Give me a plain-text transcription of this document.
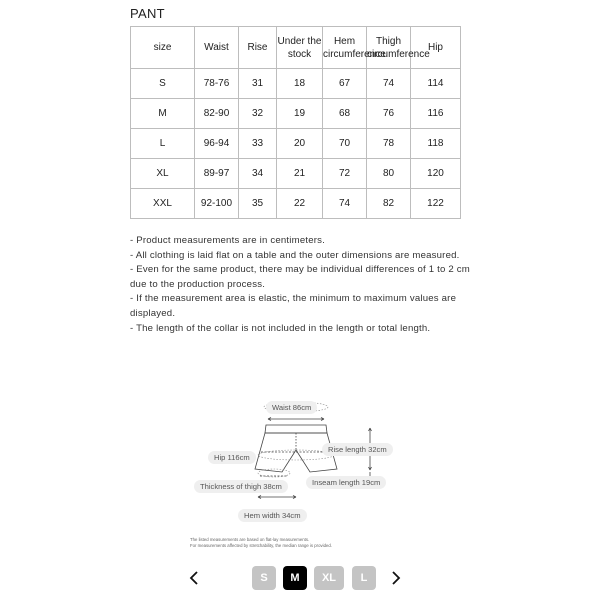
PANT
size	Waist	Rise	Under the stock	Hem circumference	Thigh circumference	Hip
S	78-76	31	18	67	74	114
M	82-90	32	19	68	76	116
L	96-94	33	20	70	78	118
XL	89-97	34	21	72	80	120
XXL	92-100	35	22	74	82	122

- Product measurements are in centimeters.

- All clothing is laid flat on a table and the outer dimensions are measured.

- Even for the same product, there may be individual differences of 1 to 2 cm due to the production process.

- If the measurement area is elastic, the minimum to maximum values are displayed.

- The length of the collar is not included in the length or total length.

Waist 86cm
Rise length 32cm
Hip 116cm
Inseam length 19cm
Thickness of thigh 38cm
Hem width 34cm
The listed measurements are based on flat-lay measurements.
For measurements affected by stretchability, the median range is provided.
S	M	XL	L
